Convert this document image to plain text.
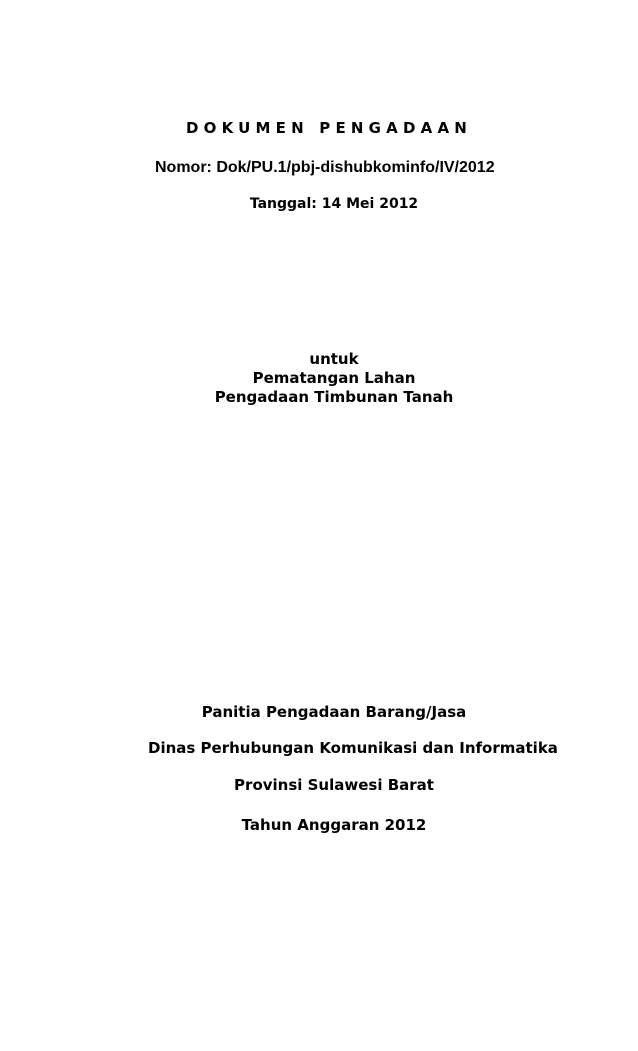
DOKUMEN PENGADAAN
Nomor: Dok/PU.1/pbj-dishubkominfo/IV/2012
Tanggal: 14 Mei 2012
untuk
Pematangan Lahan
Pengadaan Timbunan Tanah
Panitia Pengadaan Barang/Jasa
Dinas Perhubungan Komunikasi dan Informatika
Provinsi Sulawesi Barat
Tahun Anggaran 2012
